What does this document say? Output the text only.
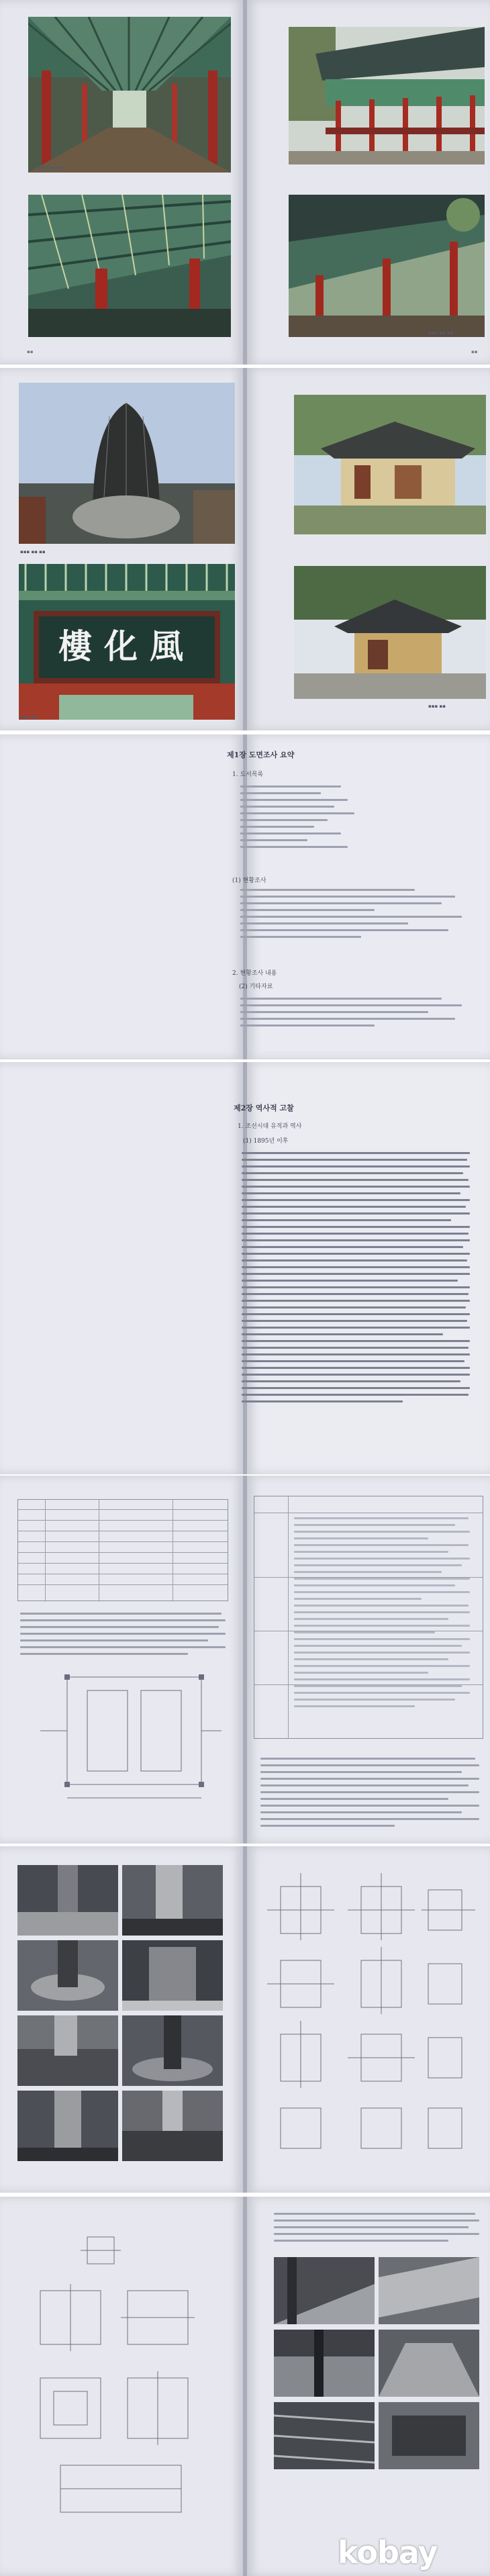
▪▪▪ ▪▪ ▪▪
▪▪
▪▪▪ ▪▪ ▪▪
▪▪
▪▪▪ ▪▪ ▪▪
樓化風
▪▪▪ ▪▪
▪▪▪ ▪▪
제1장 도면조사 요약
1. 도서목록
(1) 현황조사
2. 현황조사 내용
(2) 기타자료
제2장 역사적 고찰
1. 조선시대 유적과 역사
(1) 1895년 이후
kobay
